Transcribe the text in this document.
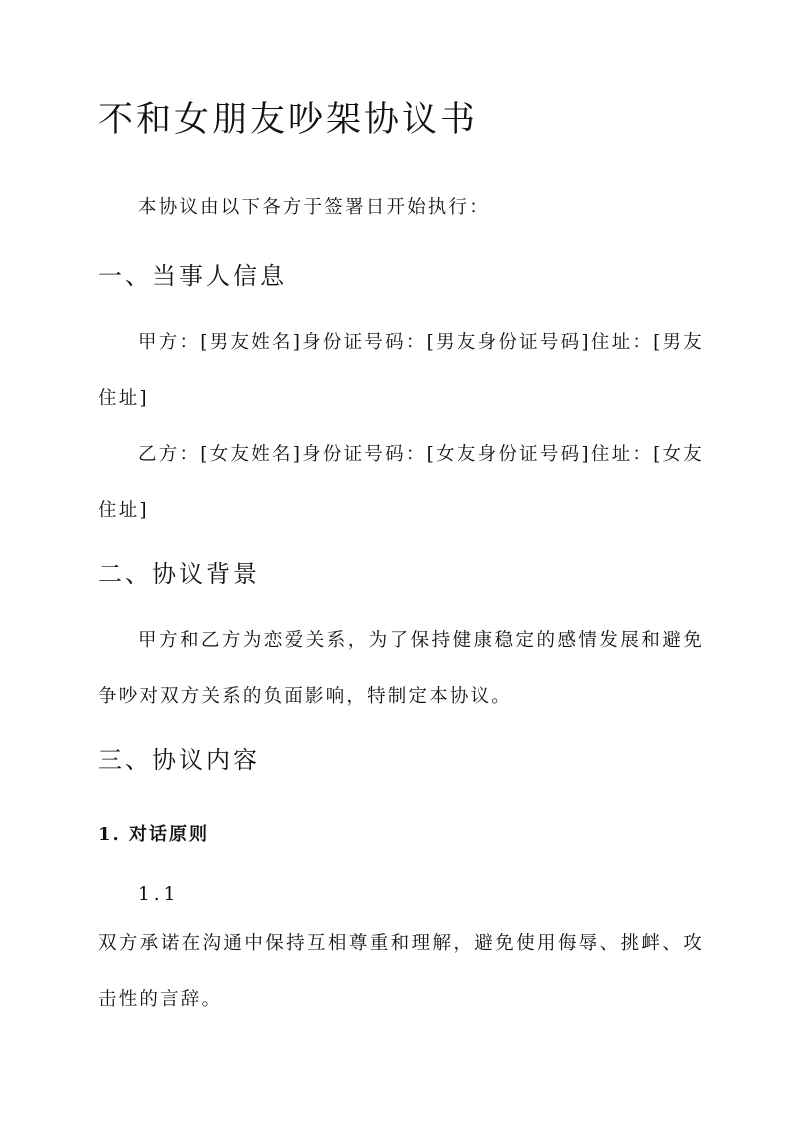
不和女朋友吵架协议书

本协议由以下各方于签署日开始执行：

一、当事人信息

甲方：[男友姓名]身份证号码：[男友身份证号码]住址：[男友住址]

乙方：[女友姓名]身份证号码：[女友身份证号码]住址：[女友住址]

二、协议背景

甲方和乙方为恋爱关系，为了保持健康稳定的感情发展和避免争吵对双方关系的负面影响，特制定本协议。

三、协议内容
1. 对话原则

1.1

双方承诺在沟通中保持互相尊重和理解，避免使用侮辱、挑衅、攻击性的言辞。
